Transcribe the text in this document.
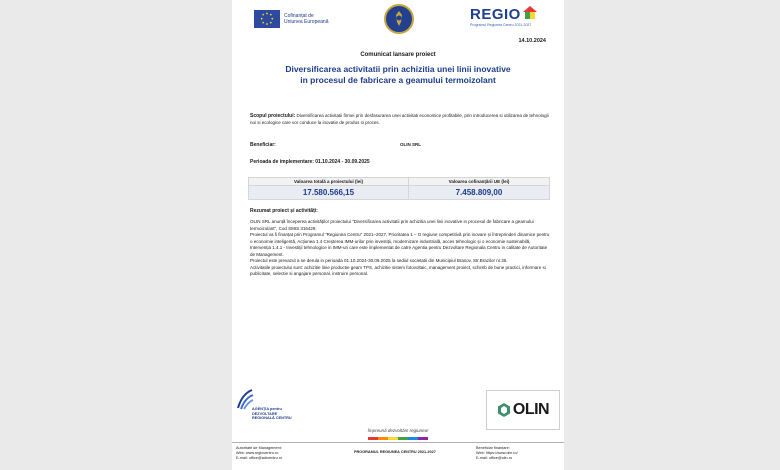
Cofinanțat de Uniunea Europeană	REGIO
Programul Regiunea Centru 2021-2027
14.10.2024
Comunicat lansare proiect
Diversificarea activitatii prin achizitia unei linii inovative
in procesul de fabricare a geamului termoizolant
Scopul proiectului: Diversificarea activitatii firmei prin desfasurarea unei activitati economice profitabile, prin introducerea si utilizarea de tehnologii noi si ecologice care vor conduce la inovatie de produs si proces.
Beneficiar:	OLIN SRL
Perioada de implementare: 01.10.2024 - 30.09.2025
Valoarea totală a proiectului (lei)	Valoarea cofinanțării UE (lei)
17.580.566,15	7.458.809,00
Rezumat proiect și activități:

OLIN SRL anunță începerea activităților proiectului "Diversificarea activitatii prin achizitia unei linii inovative in procesul de fabricare a geamului termoizolant", Cod SMIS 316429.

Proiectul va fi finanțat prin Programul "Regiunea Centru" 2021–2027, Prioritatea 1 – O regiune competitivă prin inovare și întreprinderi dinamice pentru o economie inteligentă, Acțiunea 1.4 Creșterea IMM-urilor prin investiții, modernizare industrială, acces tehnologic și o economie sustenabilă, Intervenția 1.4.1 - Investiții tehnologice in IMM-uri care este implementat de catre Agentia pentru Dezvoltare Regionala Centru in calitate de Autoritate de Management.

Proiectul este prevazut a se derula in perioada 01.10.2024-30.09.2025 la sediul societatii din Municipiul Brasov, Str.Brazilor nr.35.

Activitatile proiectului sunt: achizitie linie productie geam TPS, achizitie sistem fotovoltaic, management proiect, schimb de bune practici, informare si publicitate, selectie si angajare personal, instruire personal.

AGENȚIA pentru DEZVOLTARE REGIONALĂ CENTRU
OLIN
Împreună dezvoltăm regiunea!
Autoritate de Management:
Web: www.regiocentru.ro
E-mail: office@adrcentru.ro
PROGRAMUL REGIUNEA CENTRU 2021-2027
Beneficiar finanțare:
Web: https://www.olin.ro/
E-mail: office@olin.ro
